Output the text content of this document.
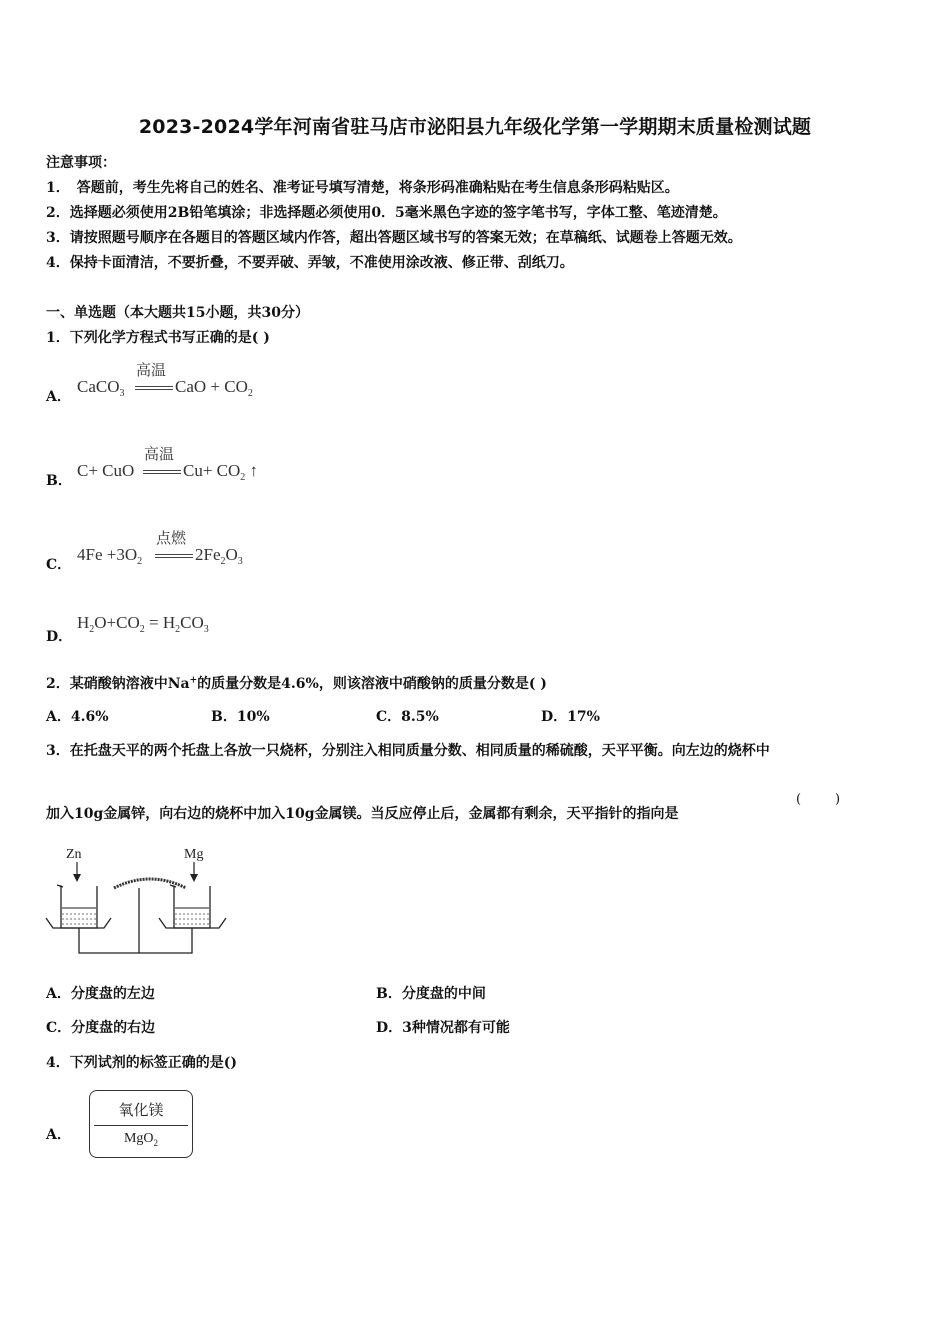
2023-2024学年河南省驻马店市泌阳县九年级化学第一学期期末质量检测试题
注意事项：
1．　答题前，考生先将自己的姓名、准考证号填写清楚，将条形码准确粘贴在考生信息条形码粘贴区。
2．选择题必须使用2B铅笔填涂；非选择题必须使用0．5毫米黑色字迹的签字笔书写，字体工整、笔迹清楚。
3．请按照题号顺序在各题目的答题区域内作答，超出答题区域书写的答案无效；在草稿纸、试题卷上答题无效。
4．保持卡面清洁，不要折叠，不要弄破、弄皱，不准使用涂改液、修正带、刮纸刀。
一、单选题（本大题共15小题，共30分）
1．下列化学方程式书写正确的是( )
A．
CaCO$_3$
高温
CaO + $CO_2$
B．
C+ CuO
高温
$Cu+ CO_2$ ↑
C．
$4Fe +3O_2$
点燃
$2Fe_2O_3$
D．
$H_2O+CO_2 = H_2CO_3$
2．某硝酸钠溶液中Na+的质量分数是4.6%，则该溶液中硝酸钠的质量分数是( )
A．4.6%	B．10%	C．8.5%	D．17%
3．在托盘天平的两个托盘上各放一只烧杯，分别注入相同质量分数、相同质量的稀硫酸，天平平衡。向左边的烧杯中
加入10g金属锌，向右边的烧杯中加入10g金属镁。当反应停止后，金属都有剩余，天平指针的指向是
(	)
Zn	Mg
A．分度盘的左边	B．分度盘的中间
C．分度盘的右边	D．3种情况都有可能
4．下列试剂的标签正确的是()
A．
氧化镁
MgO$_2$
